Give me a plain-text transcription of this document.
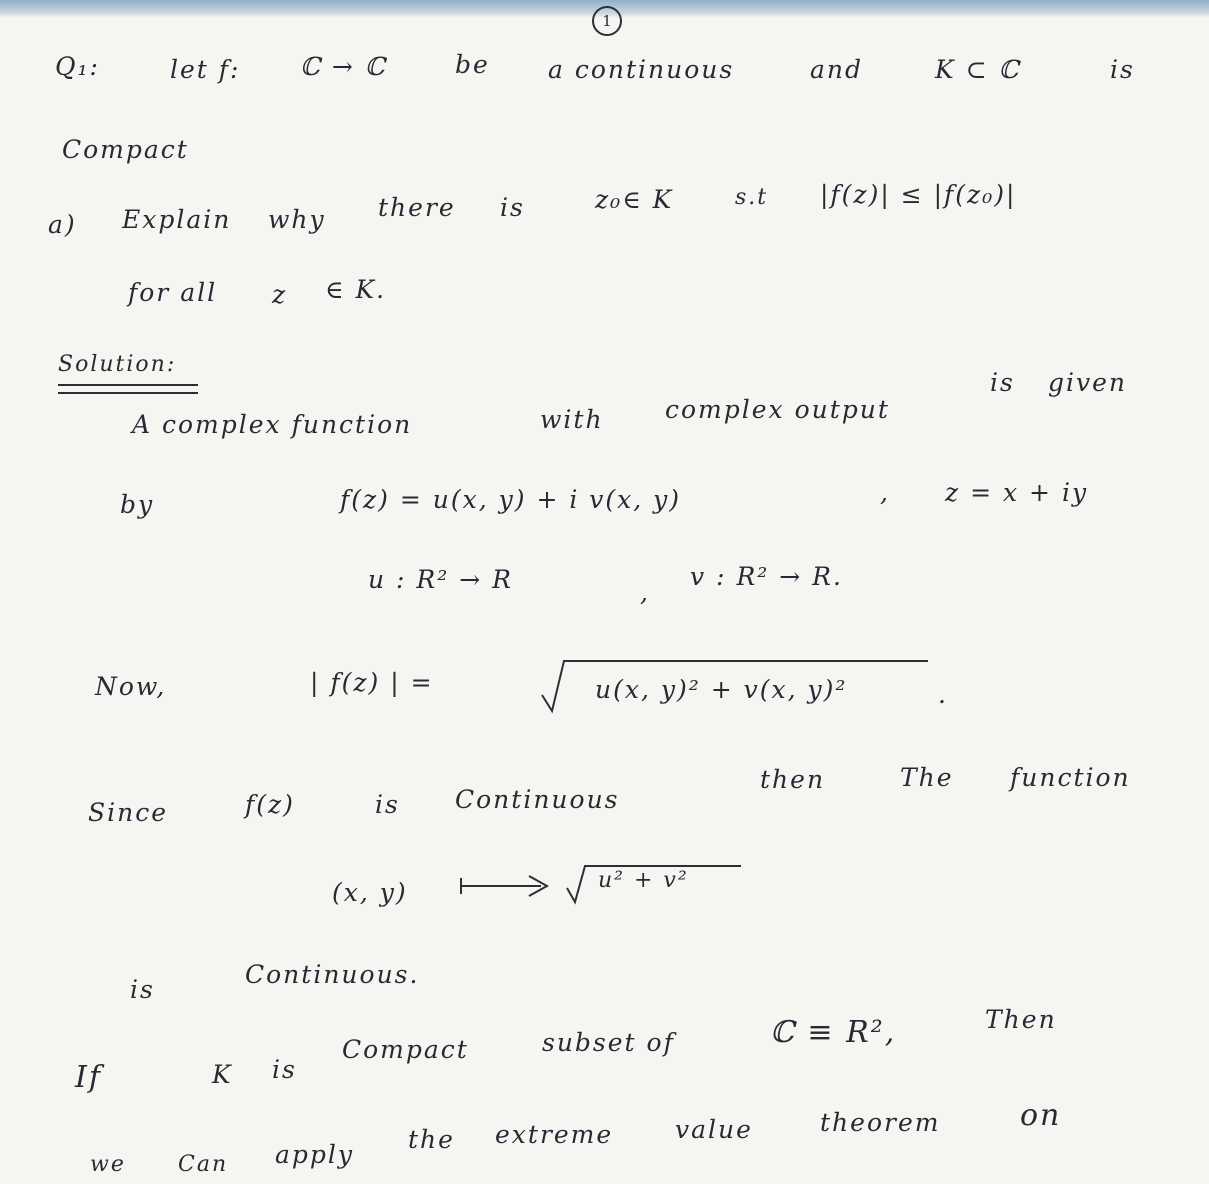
1
Q₁:	let f: ℂ → ℂ	be a continuous	and	K ⊂ ℂ	is
Compact
a) Explain why there is	z₀∈ K	s.t |f(z)| ≤ |f(z₀)|
for all z ∈ K.
Solution:
A complex function	with complex output
is given
by	f(z) = u(x, y) + i v(x, y)	, z = x + iy
u : R² → R	,
v : R² → R.
Now,	| f(z) | =	u(x, y)² + v(x, y)²	.
Since	f(z)	is Continuous
then	The function
(x, y)	u² + v²
is
Continuous.
If	K is
Compact	subset of	ℂ ≡ R²,	Then
we Can apply
the extreme value	theorem	on
